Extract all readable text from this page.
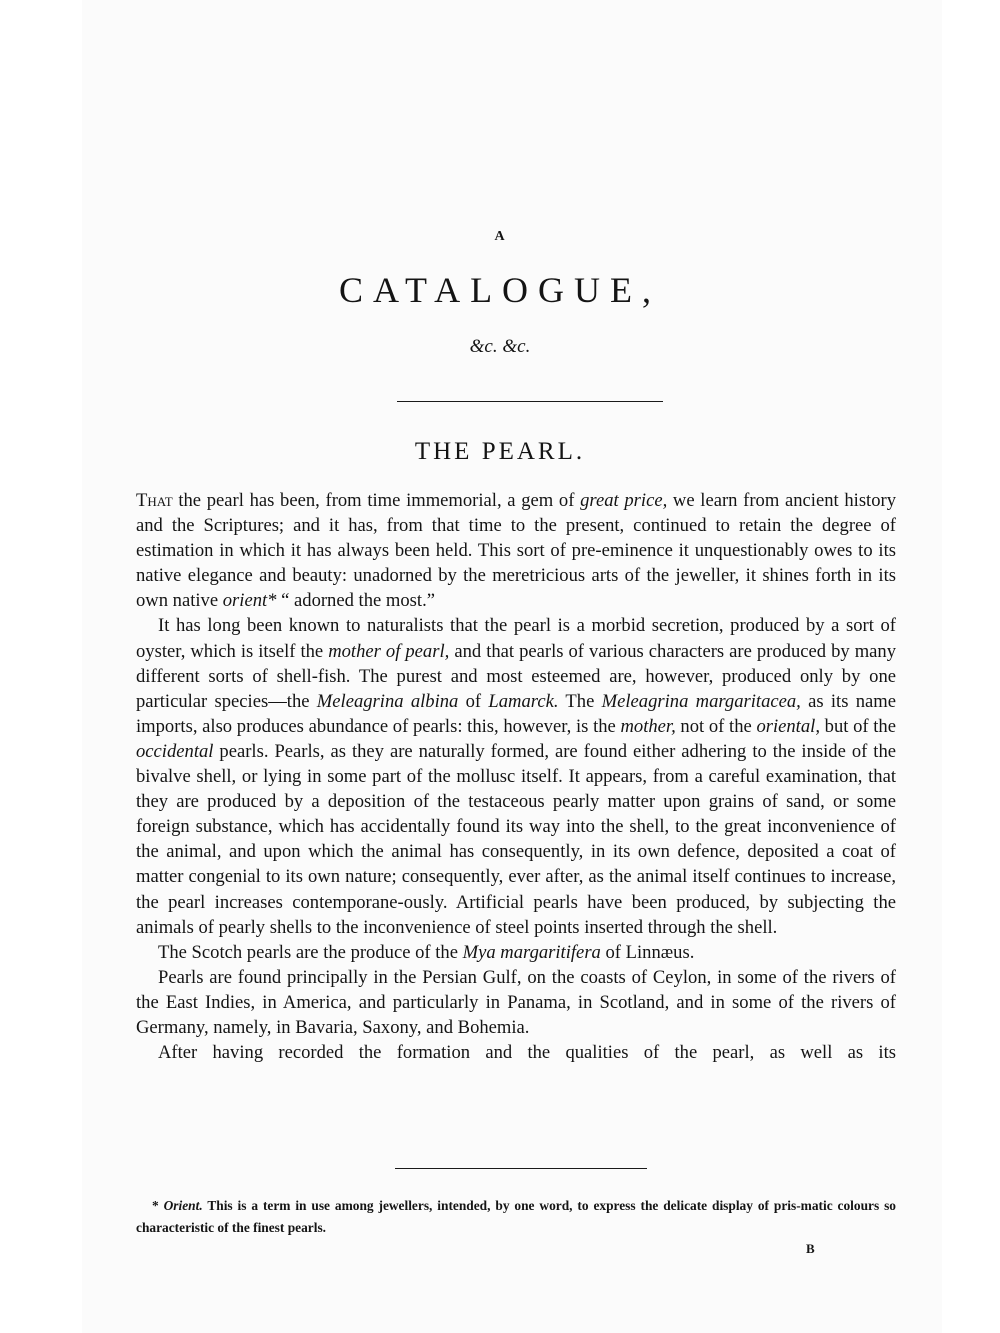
A
CATALOGUE,
&c. &c.
THE PEARL.

That the pearl has been, from time immemorial, a gem of great price, we learn from ancient history and the Scriptures; and it has, from that time to the present, continued to retain the degree of estimation in which it has always been held. This sort of pre-eminence it unquestionably owes to its native elegance and beauty: unadorned by the meretricious arts of the jeweller, it shines forth in its own native orient* “ adorned the most.”

It has long been known to naturalists that the pearl is a morbid secretion, produced by a sort of oyster, which is itself the mother of pearl, and that pearls of various characters are produced by many different sorts of shell-fish. The purest and most esteemed are, however, produced only by one particular species—the Meleagrina albina of Lamarck. The Meleagrina margaritacea, as its name imports, also produces abundance of pearls: this, however, is the mother, not of the oriental, but of the occidental pearls. Pearls, as they are naturally formed, are found either adhering to the inside of the bivalve shell, or lying in some part of the mollusc itself. It appears, from a careful examination, that they are produced by a deposition of the testaceous pearly matter upon grains of sand, or some foreign substance, which has accidentally found its way into the shell, to the great inconvenience of the animal, and upon which the animal has consequently, in its own defence, deposited a coat of matter congenial to its own nature; consequently, ever after, as the animal itself continues to increase, the pearl increases contemporane-ously. Artificial pearls have been produced, by subjecting the animals of pearly shells to the inconvenience of steel points inserted through the shell.

The Scotch pearls are the produce of the Mya margaritifera of Linnæus.

Pearls are found principally in the Persian Gulf, on the coasts of Ceylon, in some of the rivers of the East Indies, in America, and particularly in Panama, in Scotland, and in some of the rivers of Germany, namely, in Bavaria, Saxony, and Bohemia.

After having recorded the formation and the qualities of the pearl, as well as its

* Orient. This is a term in use among jewellers, intended, by one word, to express the delicate display of pris-matic colours so characteristic of the finest pearls.

B
